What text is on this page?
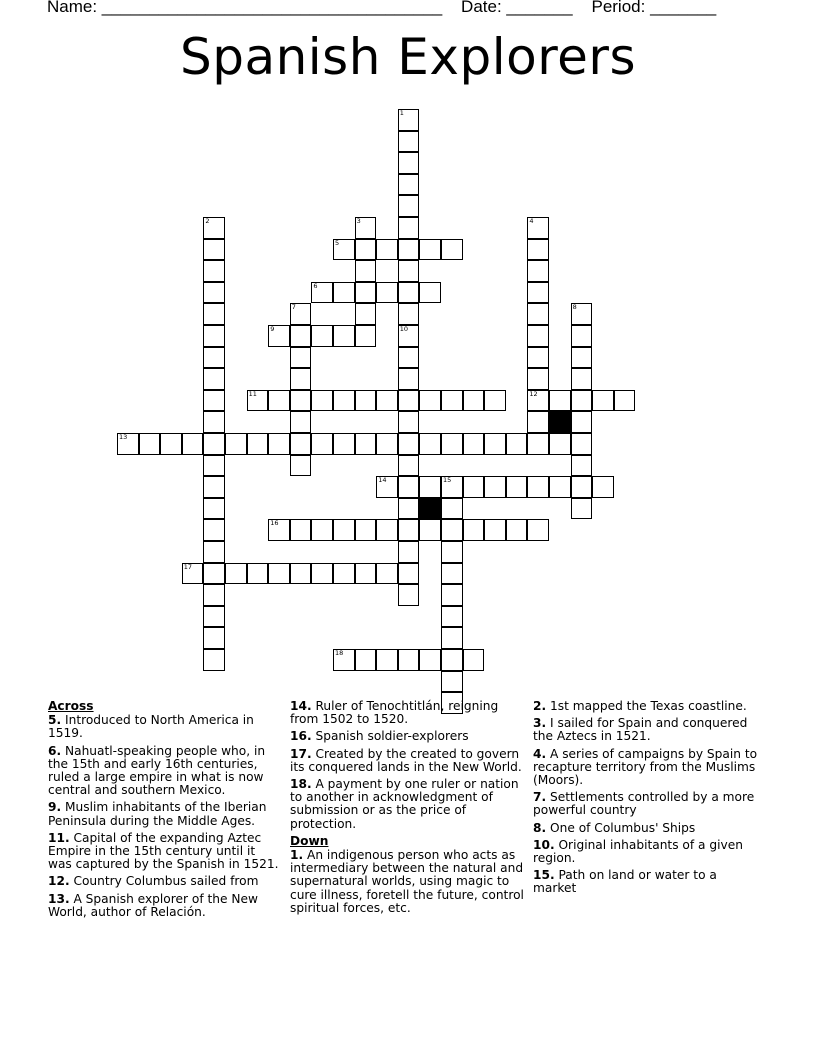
Name: ____________________________________    Date: _______    Period: _______
Spanish Explorers
1
10
2	3	4
12
5
6
7	8
9
11
13
14	15
16
17
18
Across
5. Introduced to North America in 1519.
6. Nahuatl-speaking people who, in the 15th and early 16th centuries, ruled a large empire in what is now central and southern Mexico.
9. Muslim inhabitants of the Iberian Peninsula during the Middle Ages.
11. Capital of the expanding Aztec Empire in the 15th century until it was captured by the Spanish in 1521.
12. Country Columbus sailed from
13. A Spanish explorer of the New World, author of Relación.
14. Ruler of Tenochtitlán, reigning from 1502 to 1520.
16. Spanish soldier-explorers
17. Created by the created to govern its conquered lands in the New World.
18. A payment by one ruler or nation to another in acknowledgment of submission or as the price of protection.
Down
1. An indigenous person who acts as intermediary between the natural and supernatural worlds, using magic to cure illness, foretell the future, control spiritual forces, etc.
2. 1st mapped the Texas coastline.
3. I sailed for Spain and conquered the Aztecs in 1521.
4. A series of campaigns by Spain to recapture territory from the Muslims (Moors).
7. Settlements controlled by a more powerful country
8. One of Columbus' Ships
10. Original inhabitants of a given region.
15. Path on land or water to a market
